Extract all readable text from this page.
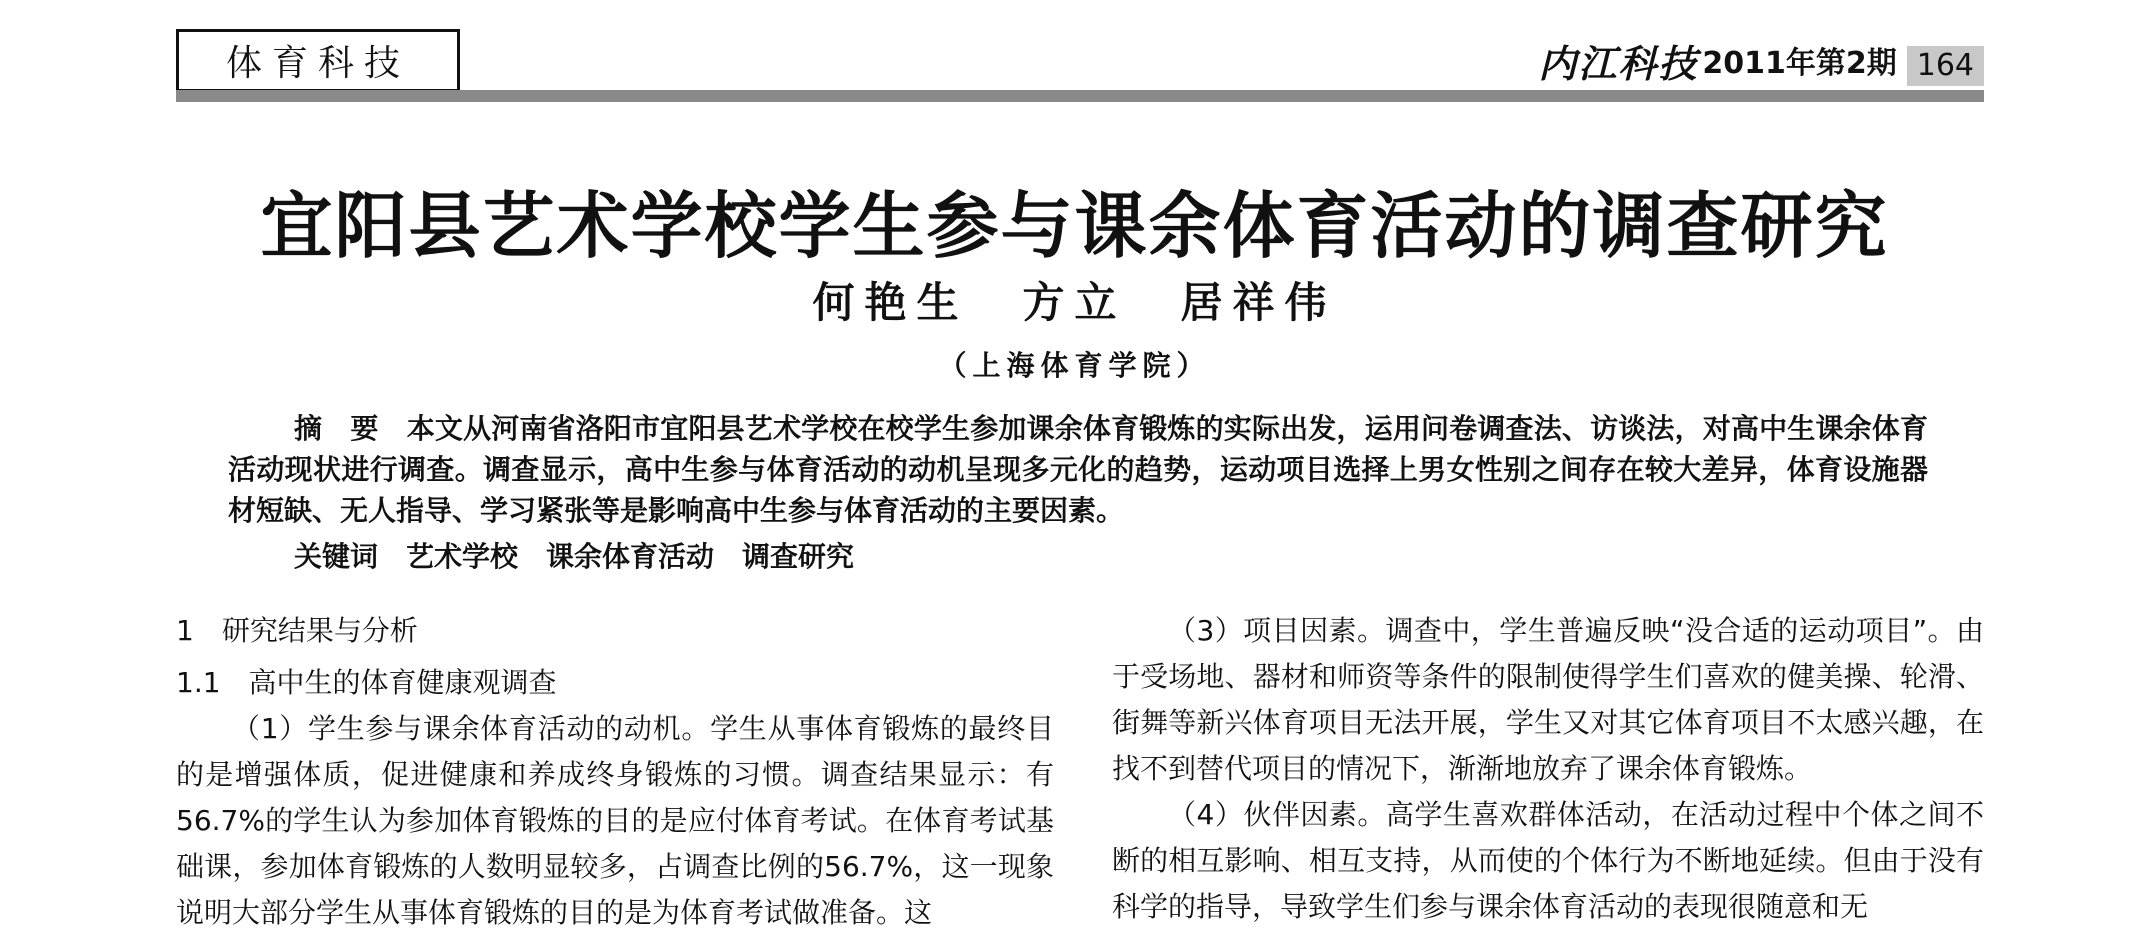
体育科技	内江科技 2011年第2期 164
宜阳县艺术学校学生参与课余体育活动的调查研究
何艳生 方立 居祥伟

（上海体育学院）

摘　要　本文从河南省洛阳市宜阳县艺术学校在校学生参加课余体育锻炼的实际出发，运用问卷调查法、访谈法，对高中生课余体育活动现状进行调查。调查显示，高中生参与体育活动的动机呈现多元化的趋势，运动项目选择上男女性别之间存在较大差异，体育设施器材短缺、无人指导、学习紧张等是影响高中生参与体育活动的主要因素。

关键词　艺术学校　课余体育活动　调查研究

1　研究结果与分析
1.1　高中生的体育健康观调查

（1）学生参与课余体育活动的动机。学生从事体育锻炼的最终目的是增强体质，促进健康和养成终身锻炼的习惯。调查结果显示：有56.7%的学生认为参加体育锻炼的目的是应付体育考试。在体育考试基础课，参加体育锻炼的人数明显较多，占调查比例的56.7%，这一现象说明大部分学生从事体育锻炼的目的是为体育考试做准备。这

（3）项目因素。调查中，学生普遍反映“没合适的运动项目”。由于受场地、器材和师资等条件的限制使得学生们喜欢的健美操、轮滑、街舞等新兴体育项目无法开展，学生又对其它体育项目不太感兴趣，在找不到替代项目的情况下，渐渐地放弃了课余体育锻炼。

（4）伙伴因素。高学生喜欢群体活动，在活动过程中个体之间不断的相互影响、相互支持，从而使的个体行为不断地延续。但由于没有科学的指导，导致学生们参与课余体育活动的表现很随意和无
